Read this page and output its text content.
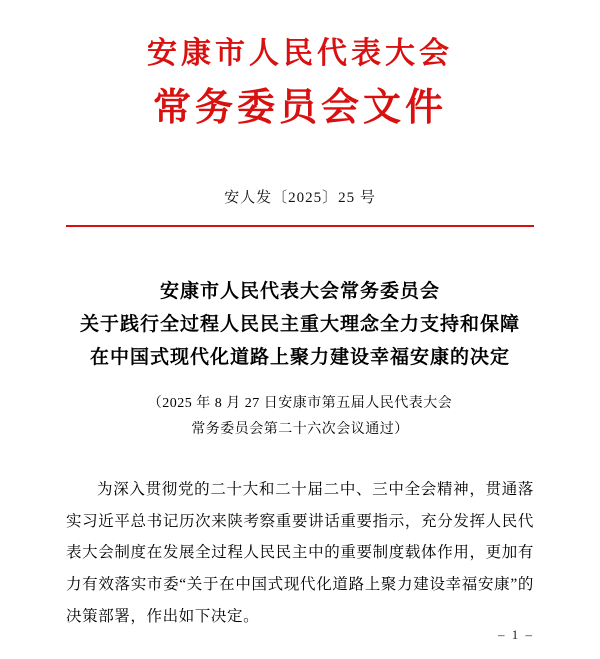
安康市人民代表大会
常务委员会文件
安人发〔2025〕25 号
安康市人民代表大会常务委员会
关于践行全过程人民民主重大理念全力支持和保障
在中国式现代化道路上聚力建设幸福安康的决定
（2025 年 8 月 27 日安康市第五届人民代表大会
常务委员会第二十六次会议通过）

为深入贯彻党的二十大和二十届二中、三中全会精神，贯通落实习近平总书记历次来陕考察重要讲话重要指示，充分发挥人民代表大会制度在发展全过程人民民主中的重要制度载体作用，更加有力有效落实市委“关于在中国式现代化道路上聚力建设幸福安康”的决策部署，作出如下决定。

– 1 –
